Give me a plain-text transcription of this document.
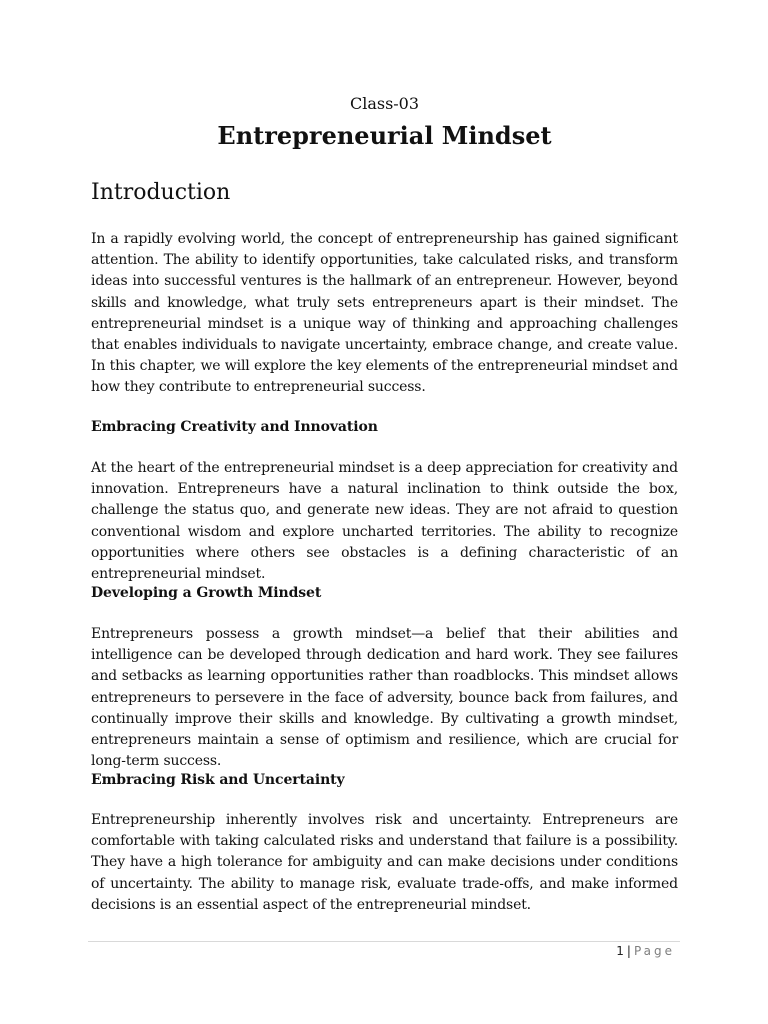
Class-03
Entrepreneurial Mindset
Introduction

In a rapidly evolving world, the concept of entrepreneurship has gained significant attention. The ability to identify opportunities, take calculated risks, and transform ideas into successful ventures is the hallmark of an entrepreneur. However, beyond skills and knowledge, what truly sets entrepreneurs apart is their mindset. The entrepreneurial mindset is a unique way of thinking and approaching challenges that enables individuals to navigate uncertainty, embrace change, and create value. In this chapter, we will explore the key elements of the entrepreneurial mindset and how they contribute to entrepreneurial success.

Embracing Creativity and Innovation

At the heart of the entrepreneurial mindset is a deep appreciation for creativity and innovation. Entrepreneurs have a natural inclination to think outside the box, challenge the status quo, and generate new ideas. They are not afraid to question conventional wisdom and explore uncharted territories. The ability to recognize opportunities where others see obstacles is a defining characteristic of an entrepreneurial mindset.

Developing a Growth Mindset

Entrepreneurs possess a growth mindset—a belief that their abilities and intelligence can be developed through dedication and hard work. They see failures and setbacks as learning opportunities rather than roadblocks. This mindset allows entrepreneurs to persevere in the face of adversity, bounce back from failures, and continually improve their skills and knowledge. By cultivating a growth mindset, entrepreneurs maintain a sense of optimism and resilience, which are crucial for long-term success.

Embracing Risk and Uncertainty

Entrepreneurship inherently involves risk and uncertainty. Entrepreneurs are comfortable with taking calculated risks and understand that failure is a possibility. They have a high tolerance for ambiguity and can make decisions under conditions of uncertainty. The ability to manage risk, evaluate trade-offs, and make informed decisions is an essential aspect of the entrepreneurial mindset.

1 | Page
